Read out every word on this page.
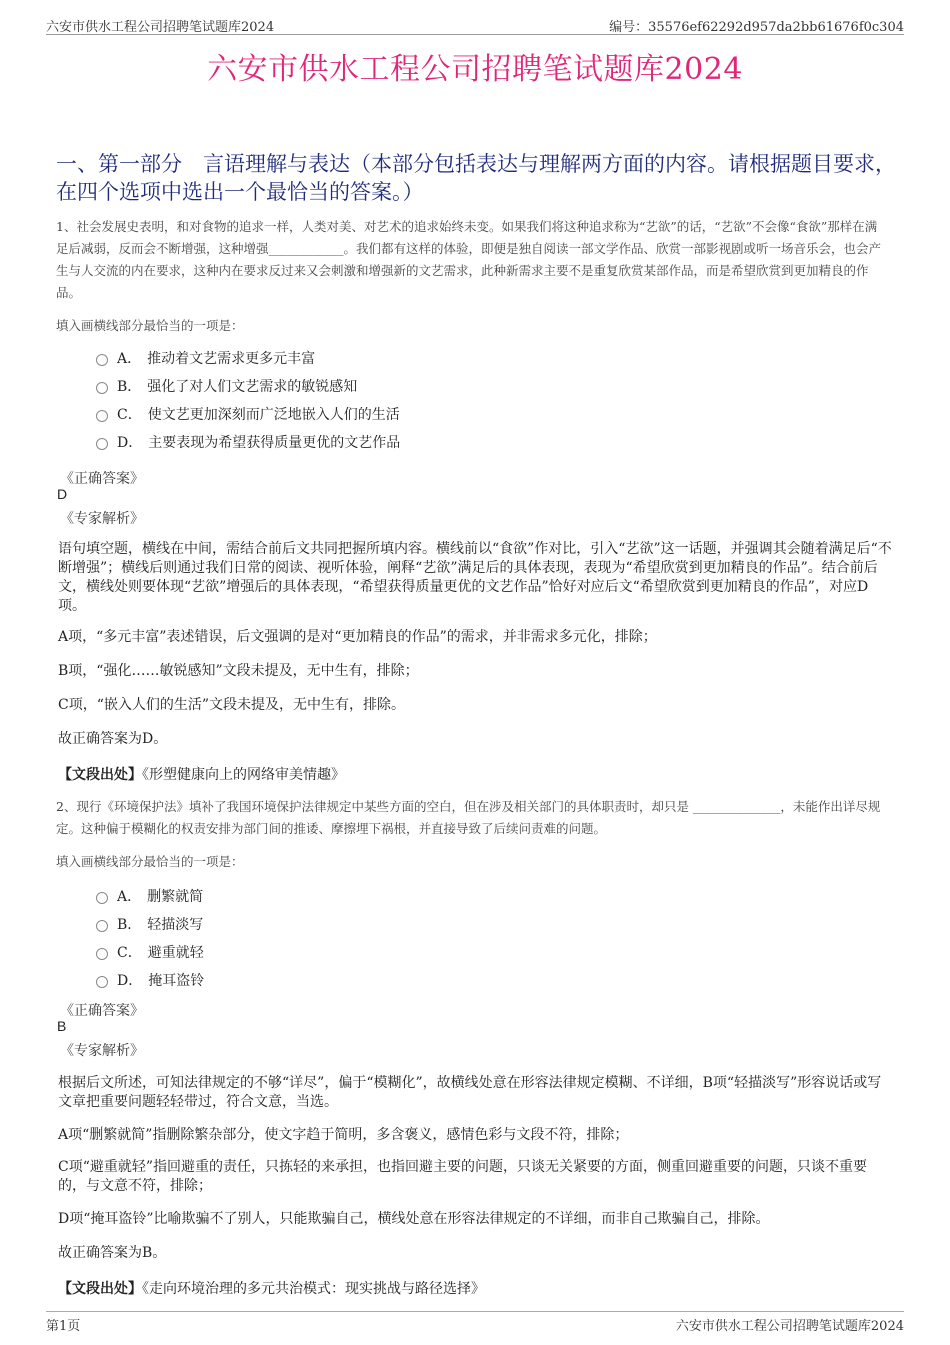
六安市供水工程公司招聘笔试题库2024	编号：35576ef62292d957da2bb61676f0c304
六安市供水工程公司招聘笔试题库2024
一、第一部分　言语理解与表达（本部分包括表达与理解两方面的内容。请根据题目要求，在四个选项中选出一个最恰当的答案。）
1、社会发展史表明，和对食物的追求一样，人类对美、对艺术的追求始终未变。如果我们将这种追求称为“艺欲”的话，“艺欲”不会像“食欲”那样在满足后减弱，反而会不断增强，这种增强____________。我们都有这样的体验，即便是独自阅读一部文学作品、欣赏一部影视剧或听一场音乐会，也会产生与人交流的内在要求，这种内在要求反过来又会刺激和增强新的文艺需求，此种新需求主要不是重复欣赏某部作品，而是希望欣赏到更加精良的作品。
填入画横线部分最恰当的一项是：
A． 推动着文艺需求更多元丰富
B． 强化了对人们文艺需求的敏锐感知
C． 使文艺更加深刻而广泛地嵌入人们的生活
D． 主要表现为希望获得质量更优的文艺作品
《正确答案》
D
《专家解析》
语句填空题，横线在中间，需结合前后文共同把握所填内容。横线前以“食欲”作对比，引入“艺欲”这一话题，并强调其会随着满足后“不断增强”；横线后则通过我们日常的阅读、视听体验，阐释“艺欲”满足后的具体表现，表现为“希望欣赏到更加精良的作品”。结合前后文，横线处则要体现“艺欲”增强后的具体表现，“希望获得质量更优的文艺作品”恰好对应后文“希望欣赏到更加精良的作品”，对应D项。
A项，“多元丰富”表述错误，后文强调的是对“更加精良的作品”的需求，并非需求多元化，排除；
B项，“强化……敏锐感知”文段未提及，无中生有，排除；
C项，“嵌入人们的生活”文段未提及，无中生有，排除。
故正确答案为D。
【文段出处】《形塑健康向上的网络审美情趣》
2、现行《环境保护法》填补了我国环境保护法律规定中某些方面的空白，但在涉及相关部门的具体职责时，却只是 ______________，未能作出详尽规定。这种偏于模糊化的权责安排为部门间的推诿、摩擦埋下祸根，并直接导致了后续问责难的问题。
填入画横线部分最恰当的一项是：
A． 删繁就简
B． 轻描淡写
C． 避重就轻
D． 掩耳盗铃
《正确答案》
B
《专家解析》
根据后文所述，可知法律规定的不够“详尽”，偏于“模糊化”，故横线处意在形容法律规定模糊、不详细，B项“轻描淡写”形容说话或写文章把重要问题轻轻带过，符合文意，当选。
A项“删繁就简”指删除繁杂部分，使文字趋于简明，多含褒义，感情色彩与文段不符，排除；
C项“避重就轻”指回避重的责任，只拣轻的来承担，也指回避主要的问题，只谈无关紧要的方面，侧重回避重要的问题，只谈不重要的，与文意不符，排除；
D项“掩耳盗铃”比喻欺骗不了别人，只能欺骗自己，横线处意在形容法律规定的不详细，而非自己欺骗自己，排除。
故正确答案为B。
【文段出处】《走向环境治理的多元共治模式：现实挑战与路径选择》
第1页	六安市供水工程公司招聘笔试题库2024
